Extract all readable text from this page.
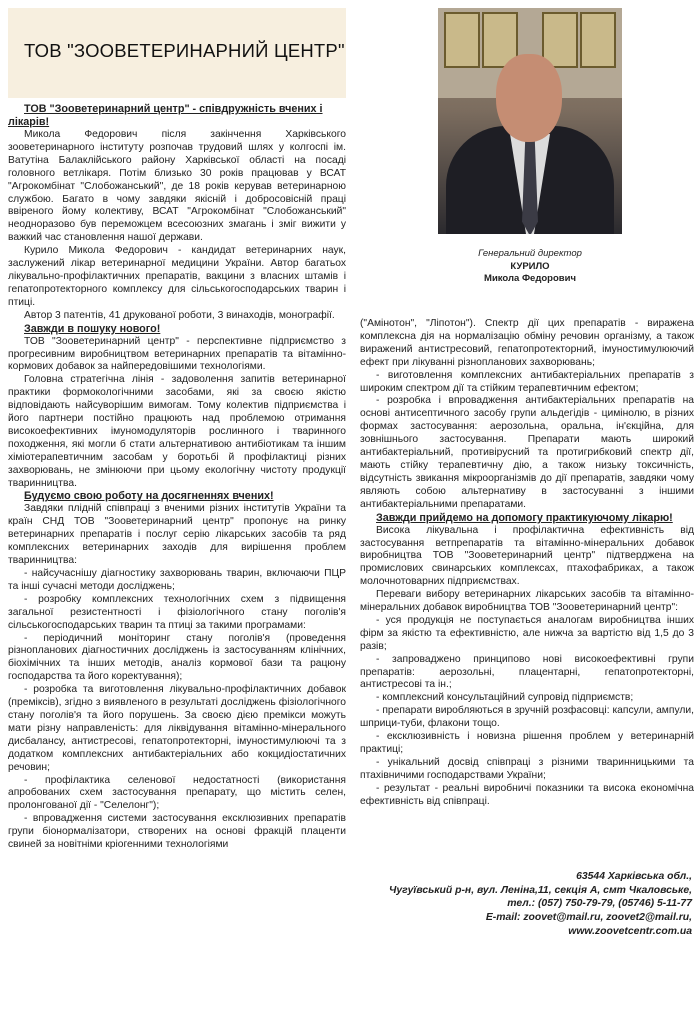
ТОВ "ЗООВЕТЕРИНАРНИЙ ЦЕНТР"
Генеральний директор
КУРИЛО
Микола Федорович
ТОВ "Зооветеринарний центр" - співдружність вчених і лікарів!

Микола Федорович після закінчення Харківського зооветеринарного інституту розпочав трудовий шлях у колгоспі ім. Ватутіна Балаклійського району Харківської області на посаді головного ветлікаря. Потім близько 30 років працював у ВСАТ "Агрокомбінат "Слобожанський", де 18 років керував ветеринарною службою. Багато в чому завдяки якісній і добросовісній праці ввіреного йому колективу, ВСАТ "Агрокомбінат "Слобожанський" неодноразово був переможцем всесоюзних змагань і зміг вижити у важкий час становлення нашої держави.

Курило Микола Федорович - кандидат ветеринарних наук, заслужений лікар ветеринарної медицини України. Автор багатьох лікувально-профілактичних препаратів, вакцини з власних штамів і гепатопротекторного комплексу для сільськогосподарських тварин і птиці.

Автор 3 патентів, 41 друкованої роботи, 3 винаходів, монографії.

Завжди в пошуку нового!

ТОВ "Зооветеринарний центр" - перспективне підприємство з прогресивним виробництвом ветеринарних препаратів та вітамінно-кормових добавок за найпередовішими технологіями.

Головна стратегічна лінія - задоволення запитів ветеринарної практики формокологічними засобами, які за своєю якістю відповідають найсуворішим вимогам. Тому колектив підприємства і його партнери постійно працюють над проблемою отримання високоефективних імуномодуляторів рослинного і тваринного походження, які могли б стати альтернативою антибіотикам та іншим хіміотерапевтичним засобам у боротьбі й профілактиці різних захворювань, не змінюючи при цьому екологічну чистоту продукції тваринництва.

Будуємо свою роботу на досягненнях вчених!

Завдяки плідній співпраці з вченими різних інститутів України та країн СНД ТОВ "Зооветеринарний центр" пропонує на ринку ветеринарних препаратів і послуг серію лікарських засобів та ряд комплексних ветеринарних заходів для вирішення проблем тваринництва:

- найсучаснішу діагностику захворювань тварин, включаючи ПЦР та інші сучасні методи досліджень;

- розробку комплексних технологічних схем з підвищення загальної резистентності і фізіологічного стану поголів'я сільськогосподарських тварин та птиці за такими програмами:

- періодичний моніторинг стану поголів'я (проведення різнопланових діагностичних досліджень із застосуванням клінічних, біохімічних та інших методів, аналіз кормової бази та рацюну господарства та його коректування);

- розробка та виготовлення лікувально-профілактичних добавок (премікcів), згідно з виявленого в результаті досліджень фізіологічного стану поголів'я та його порушень. За своєю дією премікси можуть мати різну направленість: для ліквідування вітамінно-мінерального дисбалансу, антистресові, гепатопротекторні, імуностимулюючі та з додатком комплексних антибактеріальних або кокцидіостатичних речовин;

- профілактика селенової недостатності (використання апробованих схем застосування препарату, що містить селен, пролонгованої дії - "Селелонг");

- впровадження системи застосування ексклюзивних препаратів групи біонормалізатори, створених на основі фракцій плаценти свиней за новітніми кріогенними технологіями

("Амінотон", "Ліпотон"). Спектр дії цих препаратів - виражена комплексна дія на нормалізацію обміну речовин організму, а також виражений антистресовий, гепатопротекторний, імуностимулюючий ефект при лікуванні різнопланових захворювань;

- виготовлення комплексних антибактеріальних препаратів з широким спектром дії та стійким терапевтичним ефектом;

- розробка і впровадження антибактеріальних препаратів на основі антисептичного засобу групи альдегідів - цимінолю, в різних формах застосування: аерозольна, оральна, ін'єкційна, для зовнішнього застосування. Препарати мають широкий антибактеріальний, противірусний та протигрибковий спектр дії, мають стійку терапевтичну дію, а також низьку токсичність, відсутність звикання мікроорганізмів до дії препаратів, завдяки чому являють собою альтернативу в застосуванні з іншими антибактеріальними препаратами.

Завжди прийдемо на допомогу практикуючому лікарю!

Висока лікувальна і профілактична ефективність від застосування ветпрепаратів та вітамінно-мінеральних добавок виробництва ТОВ "Зооветеринарний центр" підтверджена на промислових свинарських комплексах, птахофабриках, а також молочнотоварних підприємствах.

Переваги вибору ветеринарних лікарських засобів та вітамінно-мінеральних добавок виробництва ТОВ "Зооветеринарний центр":

- уся продукція не поступається аналогам виробництва інших фірм за якістю та ефективністю, але нижча за вартістю від 1,5 до 3 разів;

- запроваджено принципово нові високоефективні групи препаратів: аерозольні, плацентарні, гепатопротекторні, антистресові та ін.;

- комплексний консультаційний супровід підприємств;

- препарати виробляються в зручній розфасовці: капсули, ампули, шприци-туби, флакони тощо.

- ексклюзивність і новизна рішення проблем у ветеринарній практиці;

- унікальний досвід співпраці з різними тваринницькими та птахівничими господарствами України;

- результат - реальні виробничі показники та висока економічна ефективність від співпраці.

63544 Харківська обл.,
Чугуївський р-н, вул. Леніна,11, секція А, смт Чкаловське,
тел.: (057) 750-79-79, (05746) 5-11-77
E-mail: zoovet@mail.ru, zoovet2@mail.ru,
www.zoovetcentr.com.ua
